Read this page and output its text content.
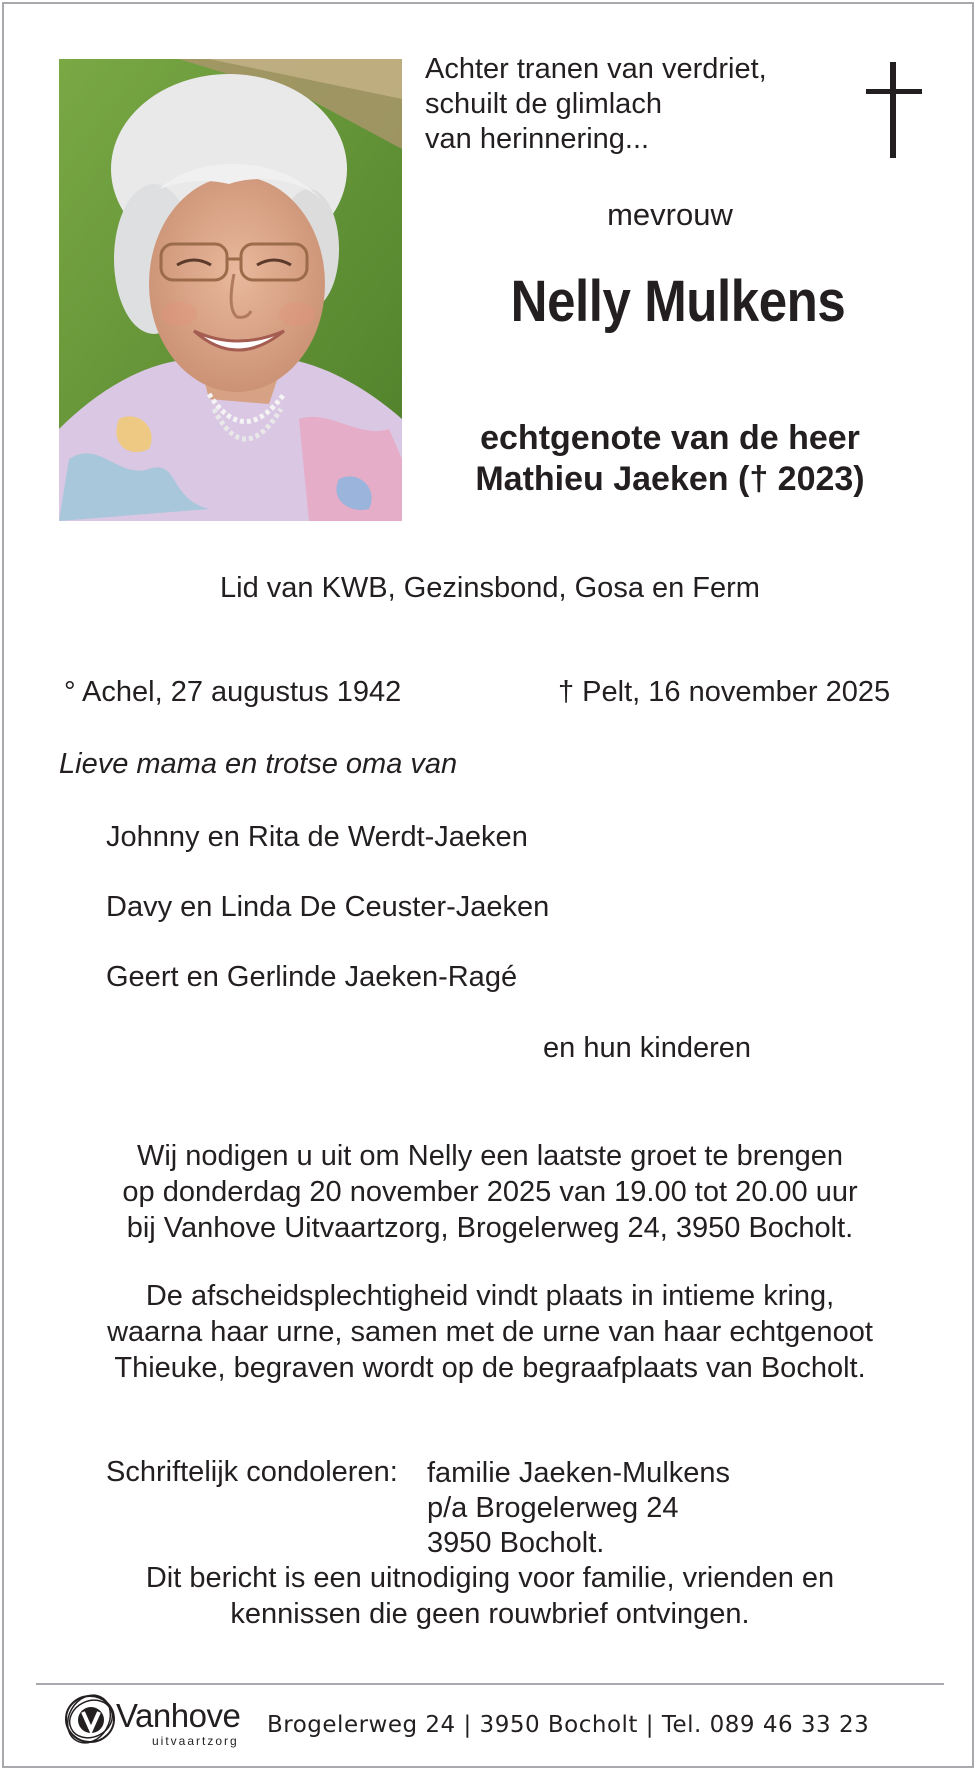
Achter tranen van verdriet,
schuilt de glimlach
van herinnering...
mevrouw
Nelly Mulkens
echtgenote van de heer
Mathieu Jaeken († 2023)
Lid van KWB, Gezinsbond, Gosa en Ferm
° Achel, 27 augustus 1942	† Pelt, 16 november 2025
Lieve mama en trotse oma van
Johnny en Rita de Werdt-Jaeken
Davy en Linda De Ceuster-Jaeken
Geert en Gerlinde Jaeken-Ragé
en hun kinderen
Wij nodigen u uit om Nelly een laatste groet te brengen
op donderdag 20 november 2025 van 19.00 tot 20.00 uur
bij Vanhove Uitvaartzorg, Brogelerweg 24, 3950 Bocholt.
De afscheidsplechtigheid vindt plaats in intieme kring,
waarna haar urne, samen met de urne van haar echtgenoot
Thieuke, begraven wordt op de begraafplaats van Bocholt.
Schriftelijk condoleren: familie Jaeken-Mulkens
p/a Brogelerweg 24
3950 Bocholt.
Dit bericht is een uitnodiging voor familie, vrienden en
kennissen die geen rouwbrief ontvingen.
Vanhove
uitvaartzorg
Brogelerweg 24 | 3950 Bocholt | Tel. 089 46 33 23
